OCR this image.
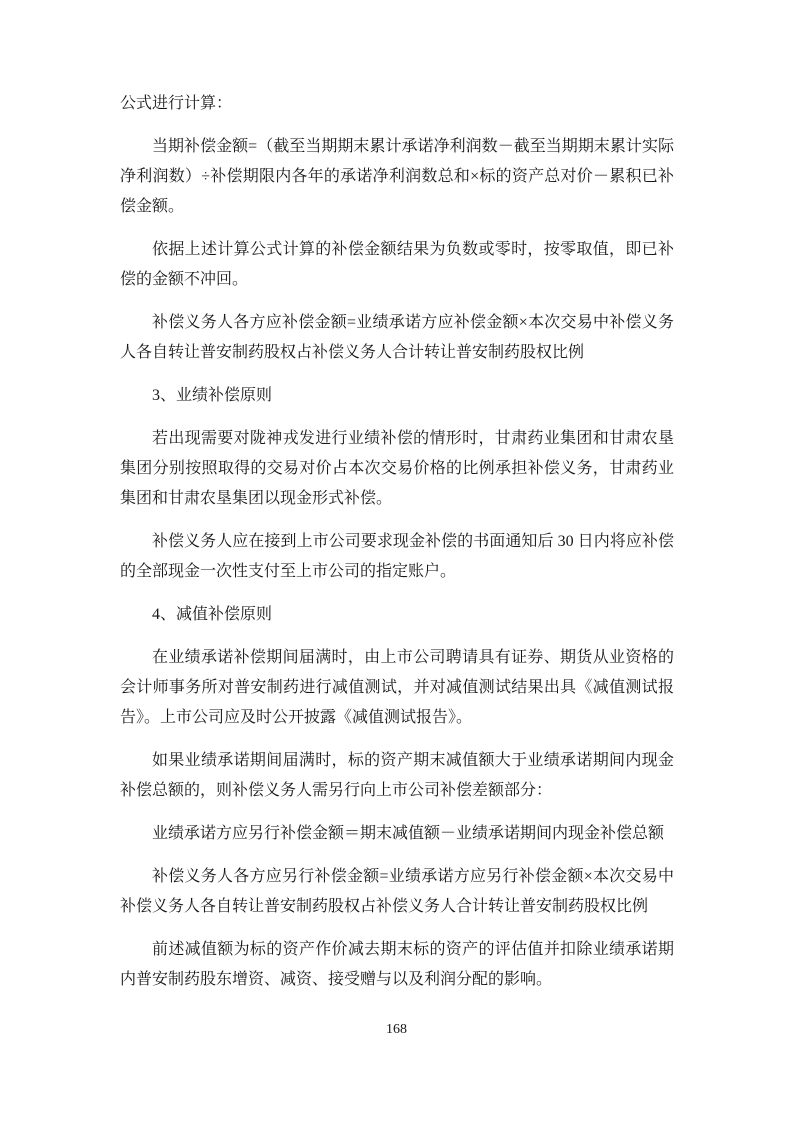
公式进行计算：

当期补偿金额=（截至当期期末累计承诺净利润数－截至当期期末累计实际净利润数）÷补偿期限内各年的承诺净利润数总和×标的资产总对价－累积已补偿金额。

依据上述计算公式计算的补偿金额结果为负数或零时，按零取值，即已补偿的金额不冲回。

补偿义务人各方应补偿金额=业绩承诺方应补偿金额×本次交易中补偿义务人各自转让普安制药股权占补偿义务人合计转让普安制药股权比例

3、业绩补偿原则

若出现需要对陇神戎发进行业绩补偿的情形时，甘肃药业集团和甘肃农垦集团分别按照取得的交易对价占本次交易价格的比例承担补偿义务，甘肃药业集团和甘肃农垦集团以现金形式补偿。

补偿义务人应在接到上市公司要求现金补偿的书面通知后 30 日内将应补偿的全部现金一次性支付至上市公司的指定账户。

4、减值补偿原则

在业绩承诺补偿期间届满时，由上市公司聘请具有证券、期货从业资格的会计师事务所对普安制药进行减值测试，并对减值测试结果出具《减值测试报告》。上市公司应及时公开披露《减值测试报告》。

如果业绩承诺期间届满时，标的资产期末减值额大于业绩承诺期间内现金补偿总额的，则补偿义务人需另行向上市公司补偿差额部分：

业绩承诺方应另行补偿金额＝期末减值额－业绩承诺期间内现金补偿总额

补偿义务人各方应另行补偿金额=业绩承诺方应另行补偿金额×本次交易中补偿义务人各自转让普安制药股权占补偿义务人合计转让普安制药股权比例

前述减值额为标的资产作价减去期末标的资产的评估值并扣除业绩承诺期内普安制药股东增资、减资、接受赠与以及利润分配的影响。

168
